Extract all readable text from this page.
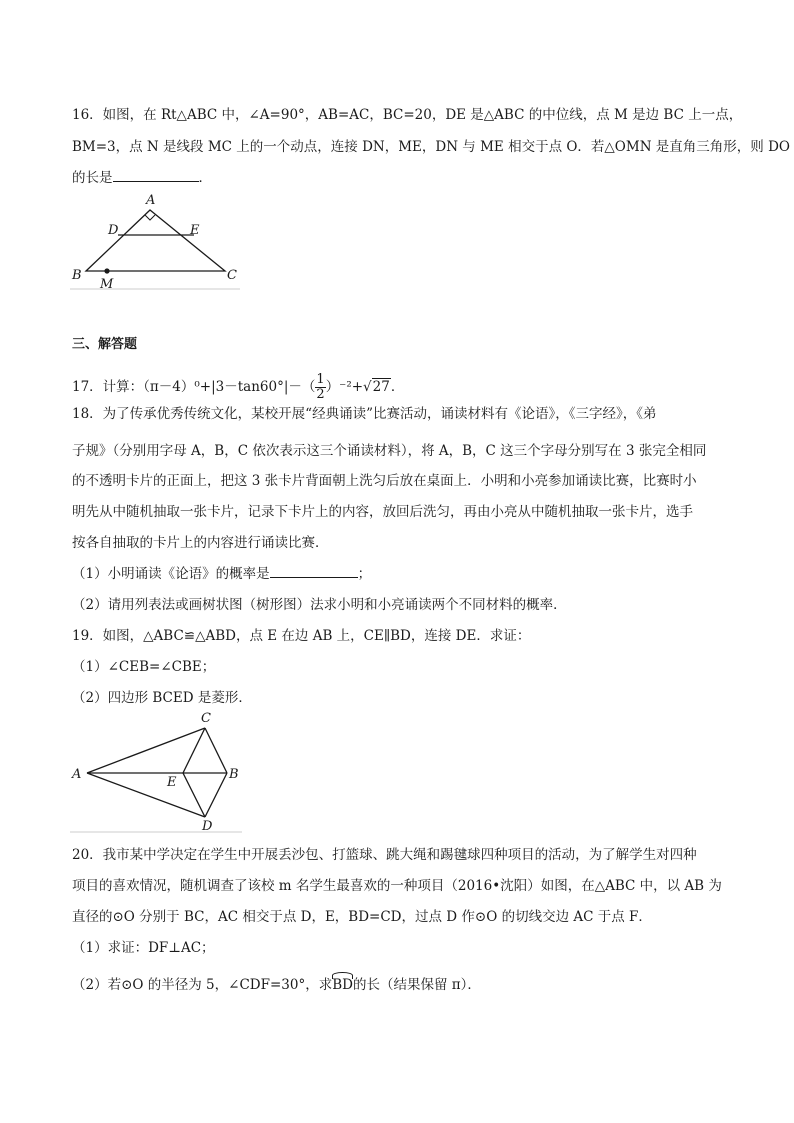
16．如图，在 Rt△ABC 中，∠A=90°，AB=AC，BC=20，DE 是△ABC 的中位线，点 M 是边 BC 上一点，
BM=3，点 N 是线段 MC 上的一个动点，连接 DN，ME，DN 与 ME 相交于点 O．若△OMN 是直角三角形，则 DO
的长是	．
A
D	E
B	C
M
三、解答题
17．计算：$(\pi-4)^0+|3-\tan 60^\circ|-( \frac{1}{2} )^{-2}+√27$．
18．为了传承优秀传统文化，某校开展“经典诵读”比赛活动，诵读材料有《论语》，《三字经》，《弟
子规》（分别用字母 A，B，C 依次表示这三个诵读材料），将 A，B，C 这三个字母分别写在 3 张完全相同
的不透明卡片的正面上，把这 3 张卡片背面朝上洗匀后放在桌面上．小明和小亮参加诵读比赛，比赛时小
明先从中随机抽取一张卡片，记录下卡片上的内容，放回后洗匀，再由小亮从中随机抽取一张卡片，选手
按各自抽取的卡片上的内容进行诵读比赛．
（1）小明诵读《论语》的概率是	；
（2）请用列表法或画树状图（树形图）法求小明和小亮诵读两个不同材料的概率．
19．如图，△ABC≌△ABD，点 E 在边 AB 上，CE∥BD，连接 DE．求证：
（1）∠CEB=∠CBE；
（2）四边形 BCED 是菱形．
C
A
E
B
D
20．我市某中学决定在学生中开展丢沙包、打篮球、跳大绳和踢毽球四种项目的活动，为了解学生对四种
项目的喜欢情况，随机调查了该校 m 名学生最喜欢的一种项目（2016•沈阳）如图，在△ABC 中，以 AB 为
直径的⊙O 分别于 BC，AC 相交于点 D，E，BD=CD，过点 D 作⊙O 的切线交边 AC 于点 F．
（1）求证：DF⊥AC；
（2）若⊙O 的半径为 5，∠CDF=30°，求BD的长（结果保留 π）．
